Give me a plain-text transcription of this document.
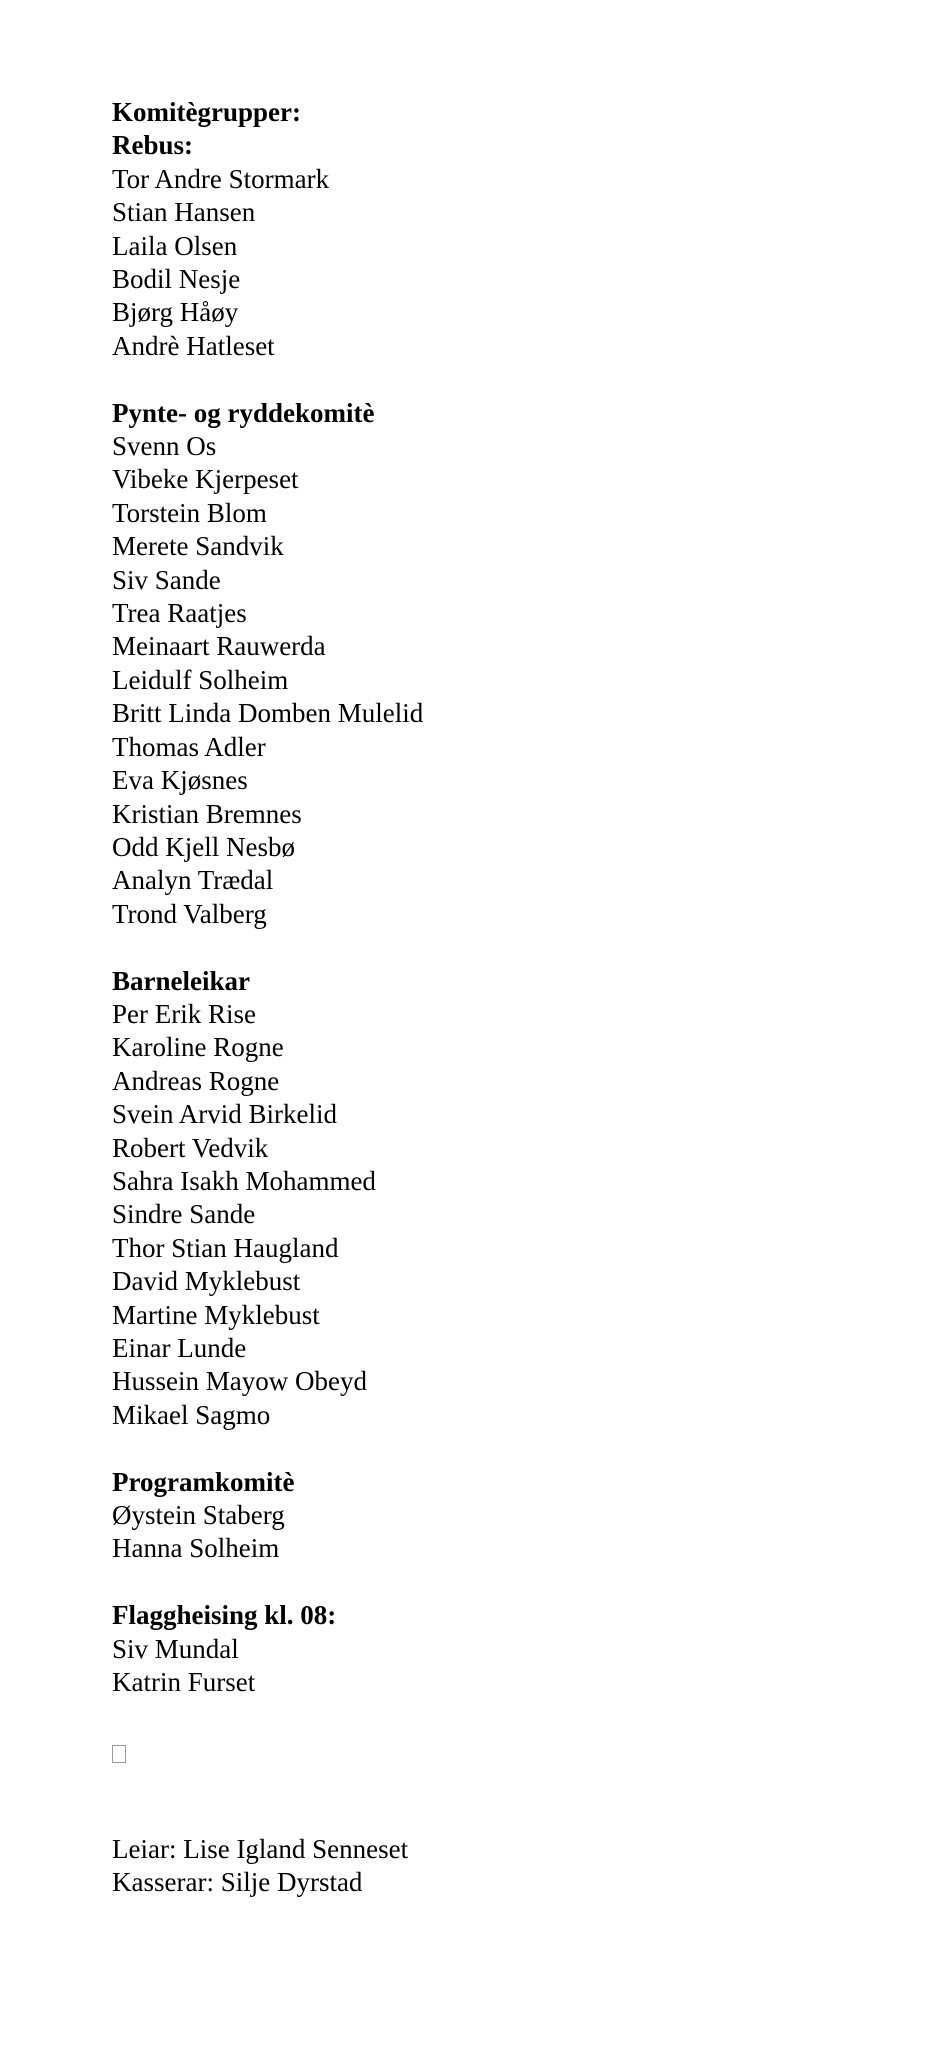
Komitègrupper:
Rebus:
Tor Andre Stormark
Stian Hansen
Laila Olsen
Bodil Nesje
Bjørg Håøy
Andrè Hatleset
Pynte- og ryddekomitè
Svenn Os
Vibeke Kjerpeset
Torstein Blom
Merete Sandvik
Siv Sande
Trea Raatjes
Meinaart Rauwerda
Leidulf Solheim
Britt Linda Domben Mulelid
Thomas Adler
Eva Kjøsnes
Kristian Bremnes
Odd Kjell Nesbø
Analyn Trædal
Trond Valberg
Barneleikar
Per Erik Rise
Karoline Rogne
Andreas Rogne
Svein Arvid Birkelid
Robert Vedvik
Sahra Isakh Mohammed
Sindre Sande
Thor Stian Haugland
David Myklebust
Martine Myklebust
Einar Lunde
Hussein Mayow Obeyd
Mikael Sagmo
Programkomitè
Øystein Staberg
Hanna Solheim
Flaggheising kl. 08:
Siv Mundal
Katrin Furset
Leiar: Lise Igland Senneset
Kasserar: Silje Dyrstad
